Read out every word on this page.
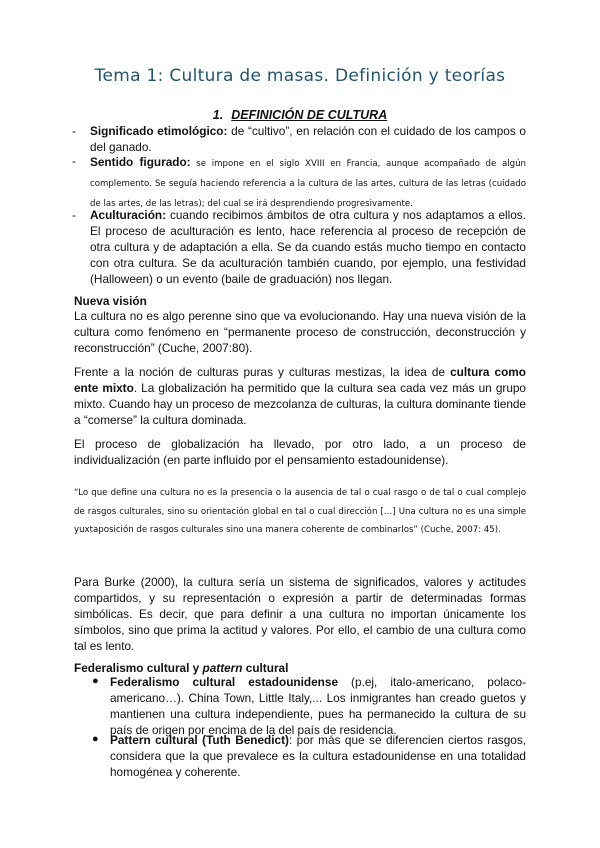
Tema 1: Cultura de masas. Definición y teorías
1. DEFINICIÓN DE CULTURA
- Significado etimológico: de “cultivo”, en relación con el cuidado de los campos o del ganado.
- Sentido figurado: se impone en el siglo XVIII en Francia, aunque acompañado de algún complemento. Se seguía haciendo referencia a la cultura de las artes, cultura de las letras (cuidado de las artes, de las letras); del cual se irá desprendiendo progresivamente.
- Aculturación: cuando recibimos ámbitos de otra cultura y nos adaptamos a ellos. El proceso de aculturación es lento, hace referencia al proceso de recepción de otra cultura y de adaptación a ella. Se da cuando estás mucho tiempo en contacto con otra cultura. Se da aculturación también cuando, por ejemplo, una festividad (Halloween) o un evento (baile de graduación) nos llegan.
Nueva visión
La cultura no es algo perenne sino que va evolucionando. Hay una nueva visión de la cultura como fenómeno en “permanente proceso de construcción, deconstrucción y reconstrucción” (Cuche, 2007:80).
Frente a la noción de culturas puras y culturas mestizas, la idea de cultura como ente mixto. La globalización ha permitido que la cultura sea cada vez más un grupo mixto. Cuando hay un proceso de mezcolanza de culturas, la cultura dominante tiende a “comerse” la cultura dominada.
El proceso de globalización ha llevado, por otro lado, a un proceso de individualización (en parte influido por el pensamiento estadounidense).
“Lo que define una cultura no es la presencia o la ausencia de tal o cual rasgo o de tal o cual complejo de rasgos culturales, sino su orientación global en tal o cual dirección […] Una cultura no es una simple yuxtaposición de rasgos culturales sino una manera coherente de combinarlos” (Cuche, 2007: 45).
Para Burke (2000), la cultura sería un sistema de significados, valores y actitudes compartidos, y su representación o expresión a partir de determinadas formas simbólicas. Es decir, que para definir a una cultura no importan únicamente los símbolos, sino que prima la actitud y valores. Por ello, el cambio de una cultura como tal es lento.
Federalismo cultural y pattern cultural
● Federalismo cultural estadounidense (p.ej, italo-americano, polaco-americano…). China Town, Little Italy,... Los inmigrantes han creado guetos y mantienen una cultura independiente, pues ha permanecido la cultura de su país de origen por encima de la del país de residencia.
● Pattern cultural (Tuth Benedict): por más que se diferencien ciertos rasgos, considera que la que prevalece es la cultura estadounidense en una totalidad homogénea y coherente.
